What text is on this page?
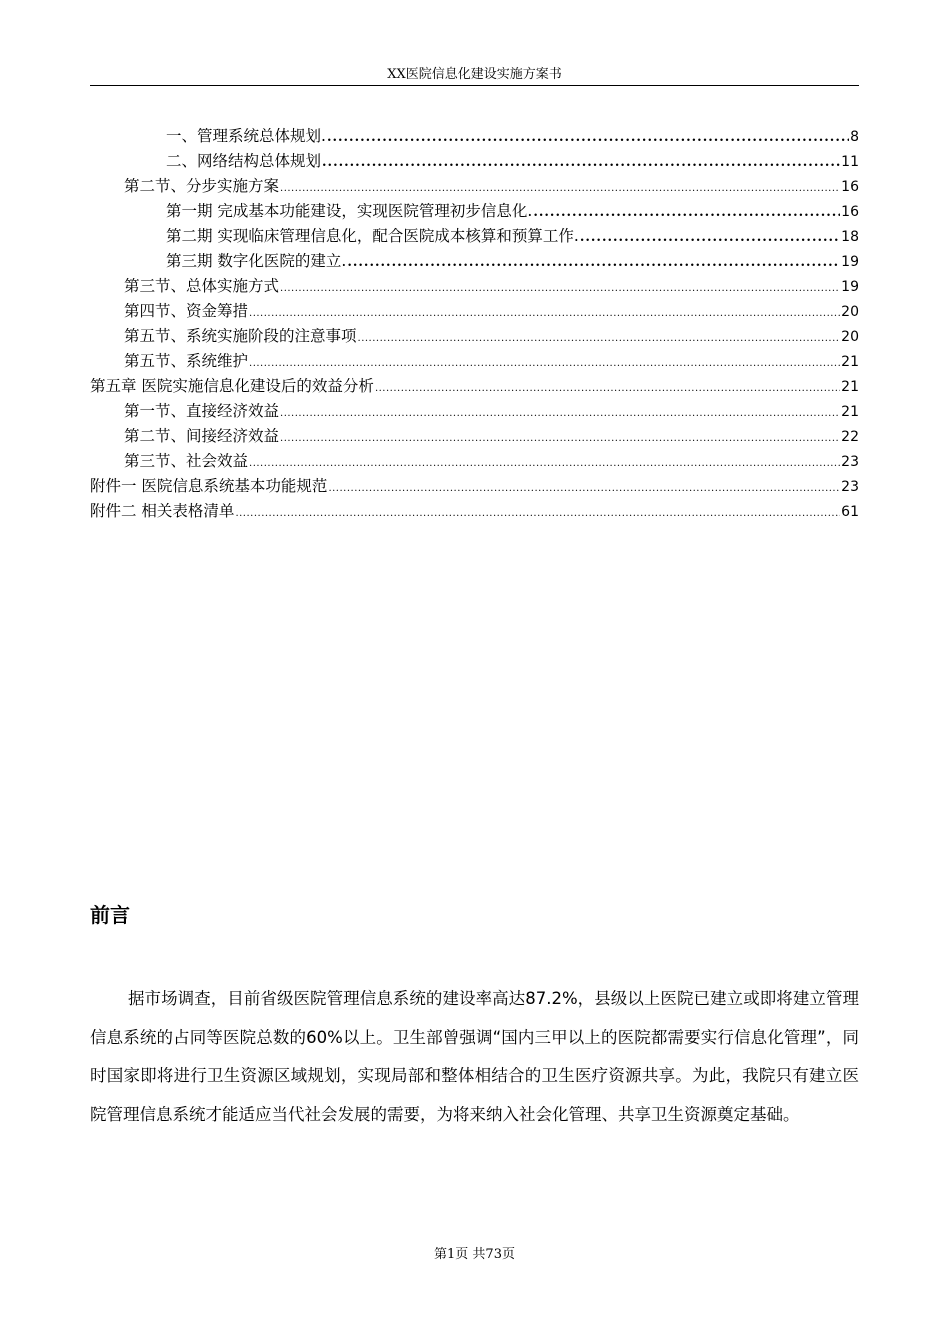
XX医院信息化建设实施方案书
一、管理系统总体规划. .....	8
二、网络结构总体规划 .....	11
第二节、分步实施方案 .....	16
第一期 完成基本功能建设，实现医院管理初步信息化. .....	16
第二期 实现临床管理信息化，配合医院成本核算和预算工作. .....	18
第三期 数字化医院的建立. .....	19
第三节、总体实施方式 .....	19
第四节、资金筹措 .....	20
第五节、系统实施阶段的注意事项 .....	20
第五节、系统维护 .....	21
第五章 医院实施信息化建设后的效益分析 .....	21
第一节、直接经济效益 .....	21
第二节、间接经济效益 .....	22
第三节、社会效益 .....	23
附件一 医院信息系统基本功能规范 .....	23
附件二 相关表格清单 .....	61
前言

据市场调查，目前省级医院管理信息系统的建设率高达87.2%，县级以上医院已建立或即将建立管理信息系统的占同等医院总数的60%以上。卫生部曾强调“国内三甲以上的医院都需要实行信息化管理”，同时国家即将进行卫生资源区域规划，实现局部和整体相结合的卫生医疗资源共享。为此，我院只有建立医院管理信息系统才能适应当代社会发展的需要，为将来纳入社会化管理、共享卫生资源奠定基础。

第1页 共73页
